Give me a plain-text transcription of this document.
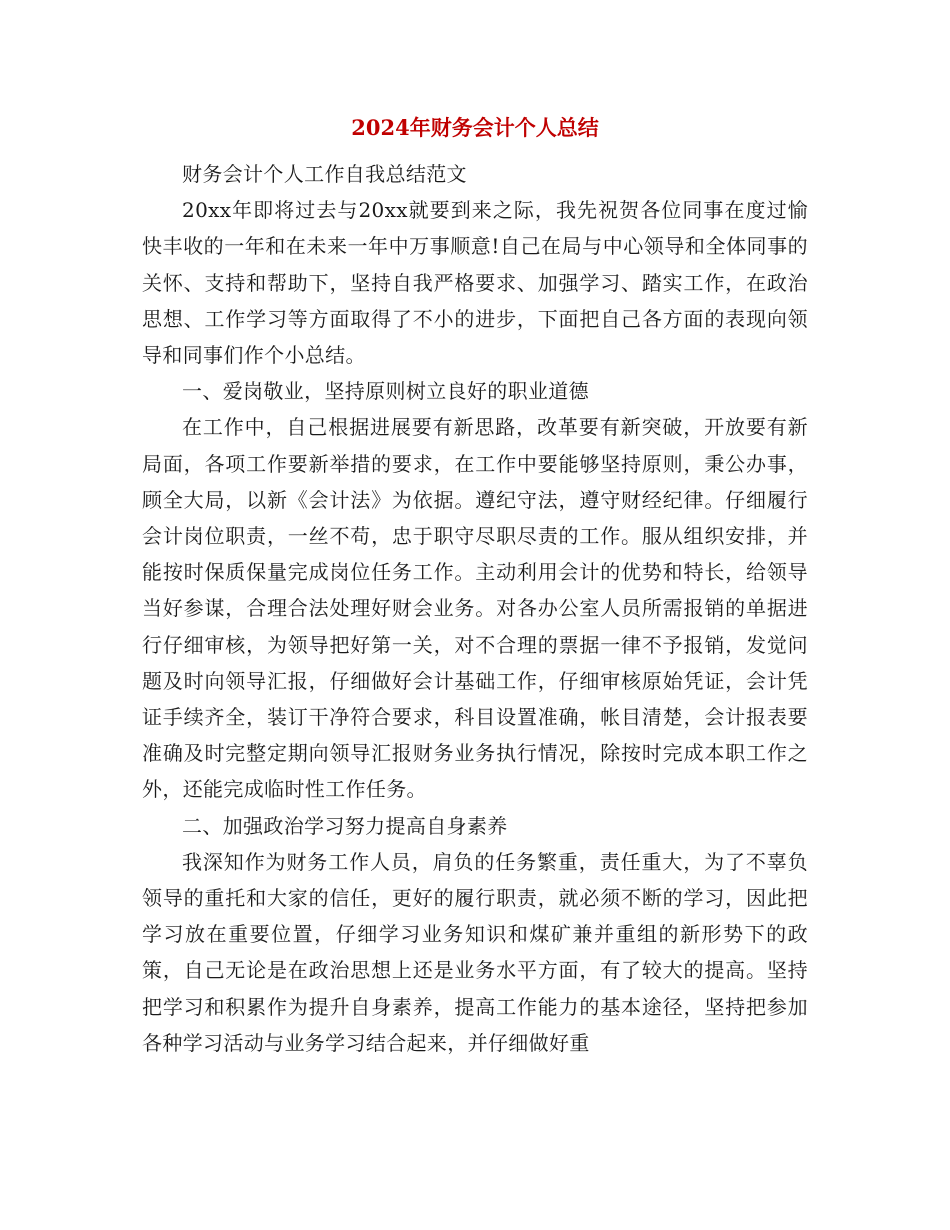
2024年财务会计个人总结

财务会计个人工作自我总结范文

20xx年即将过去与20xx就要到来之际，我先祝贺各位同事在度过愉快丰收的一年和在未来一年中万事顺意!自己在局与中心领导和全体同事的关怀、支持和帮助下，坚持自我严格要求、加强学习、踏实工作，在政治思想、工作学习等方面取得了不小的进步，下面把自己各方面的表现向领导和同事们作个小总结。

一、爱岗敬业，坚持原则树立良好的职业道德

在工作中，自己根据进展要有新思路，改革要有新突破，开放要有新局面，各项工作要新举措的要求，在工作中要能够坚持原则，秉公办事，顾全大局，以新《会计法》为依据。遵纪守法，遵守财经纪律。仔细履行会计岗位职责，一丝不苟，忠于职守尽职尽责的工作。服从组织安排，并能按时保质保量完成岗位任务工作。主动利用会计的优势和特长，给领导当好参谋，合理合法处理好财会业务。对各办公室人员所需报销的单据进行仔细审核，为领导把好第一关，对不合理的票据一律不予报销，发觉问题及时向领导汇报，仔细做好会计基础工作，仔细审核原始凭证，会计凭证手续齐全，装订干净符合要求，科目设置准确，帐目清楚，会计报表要准确及时完整定期向领导汇报财务业务执行情况，除按时完成本职工作之外，还能完成临时性工作任务。

二、加强政治学习努力提高自身素养

我深知作为财务工作人员，肩负的任务繁重，责任重大，为了不辜负领导的重托和大家的信任，更好的履行职责，就必须不断的学习，因此把学习放在重要位置，仔细学习业务知识和煤矿兼并重组的新形势下的政策，自己无论是在政治思想上还是业务水平方面，有了较大的提高。坚持把学习和积累作为提升自身素养，提高工作能力的基本途径，坚持把参加各种学习活动与业务学习结合起来，并仔细做好重
